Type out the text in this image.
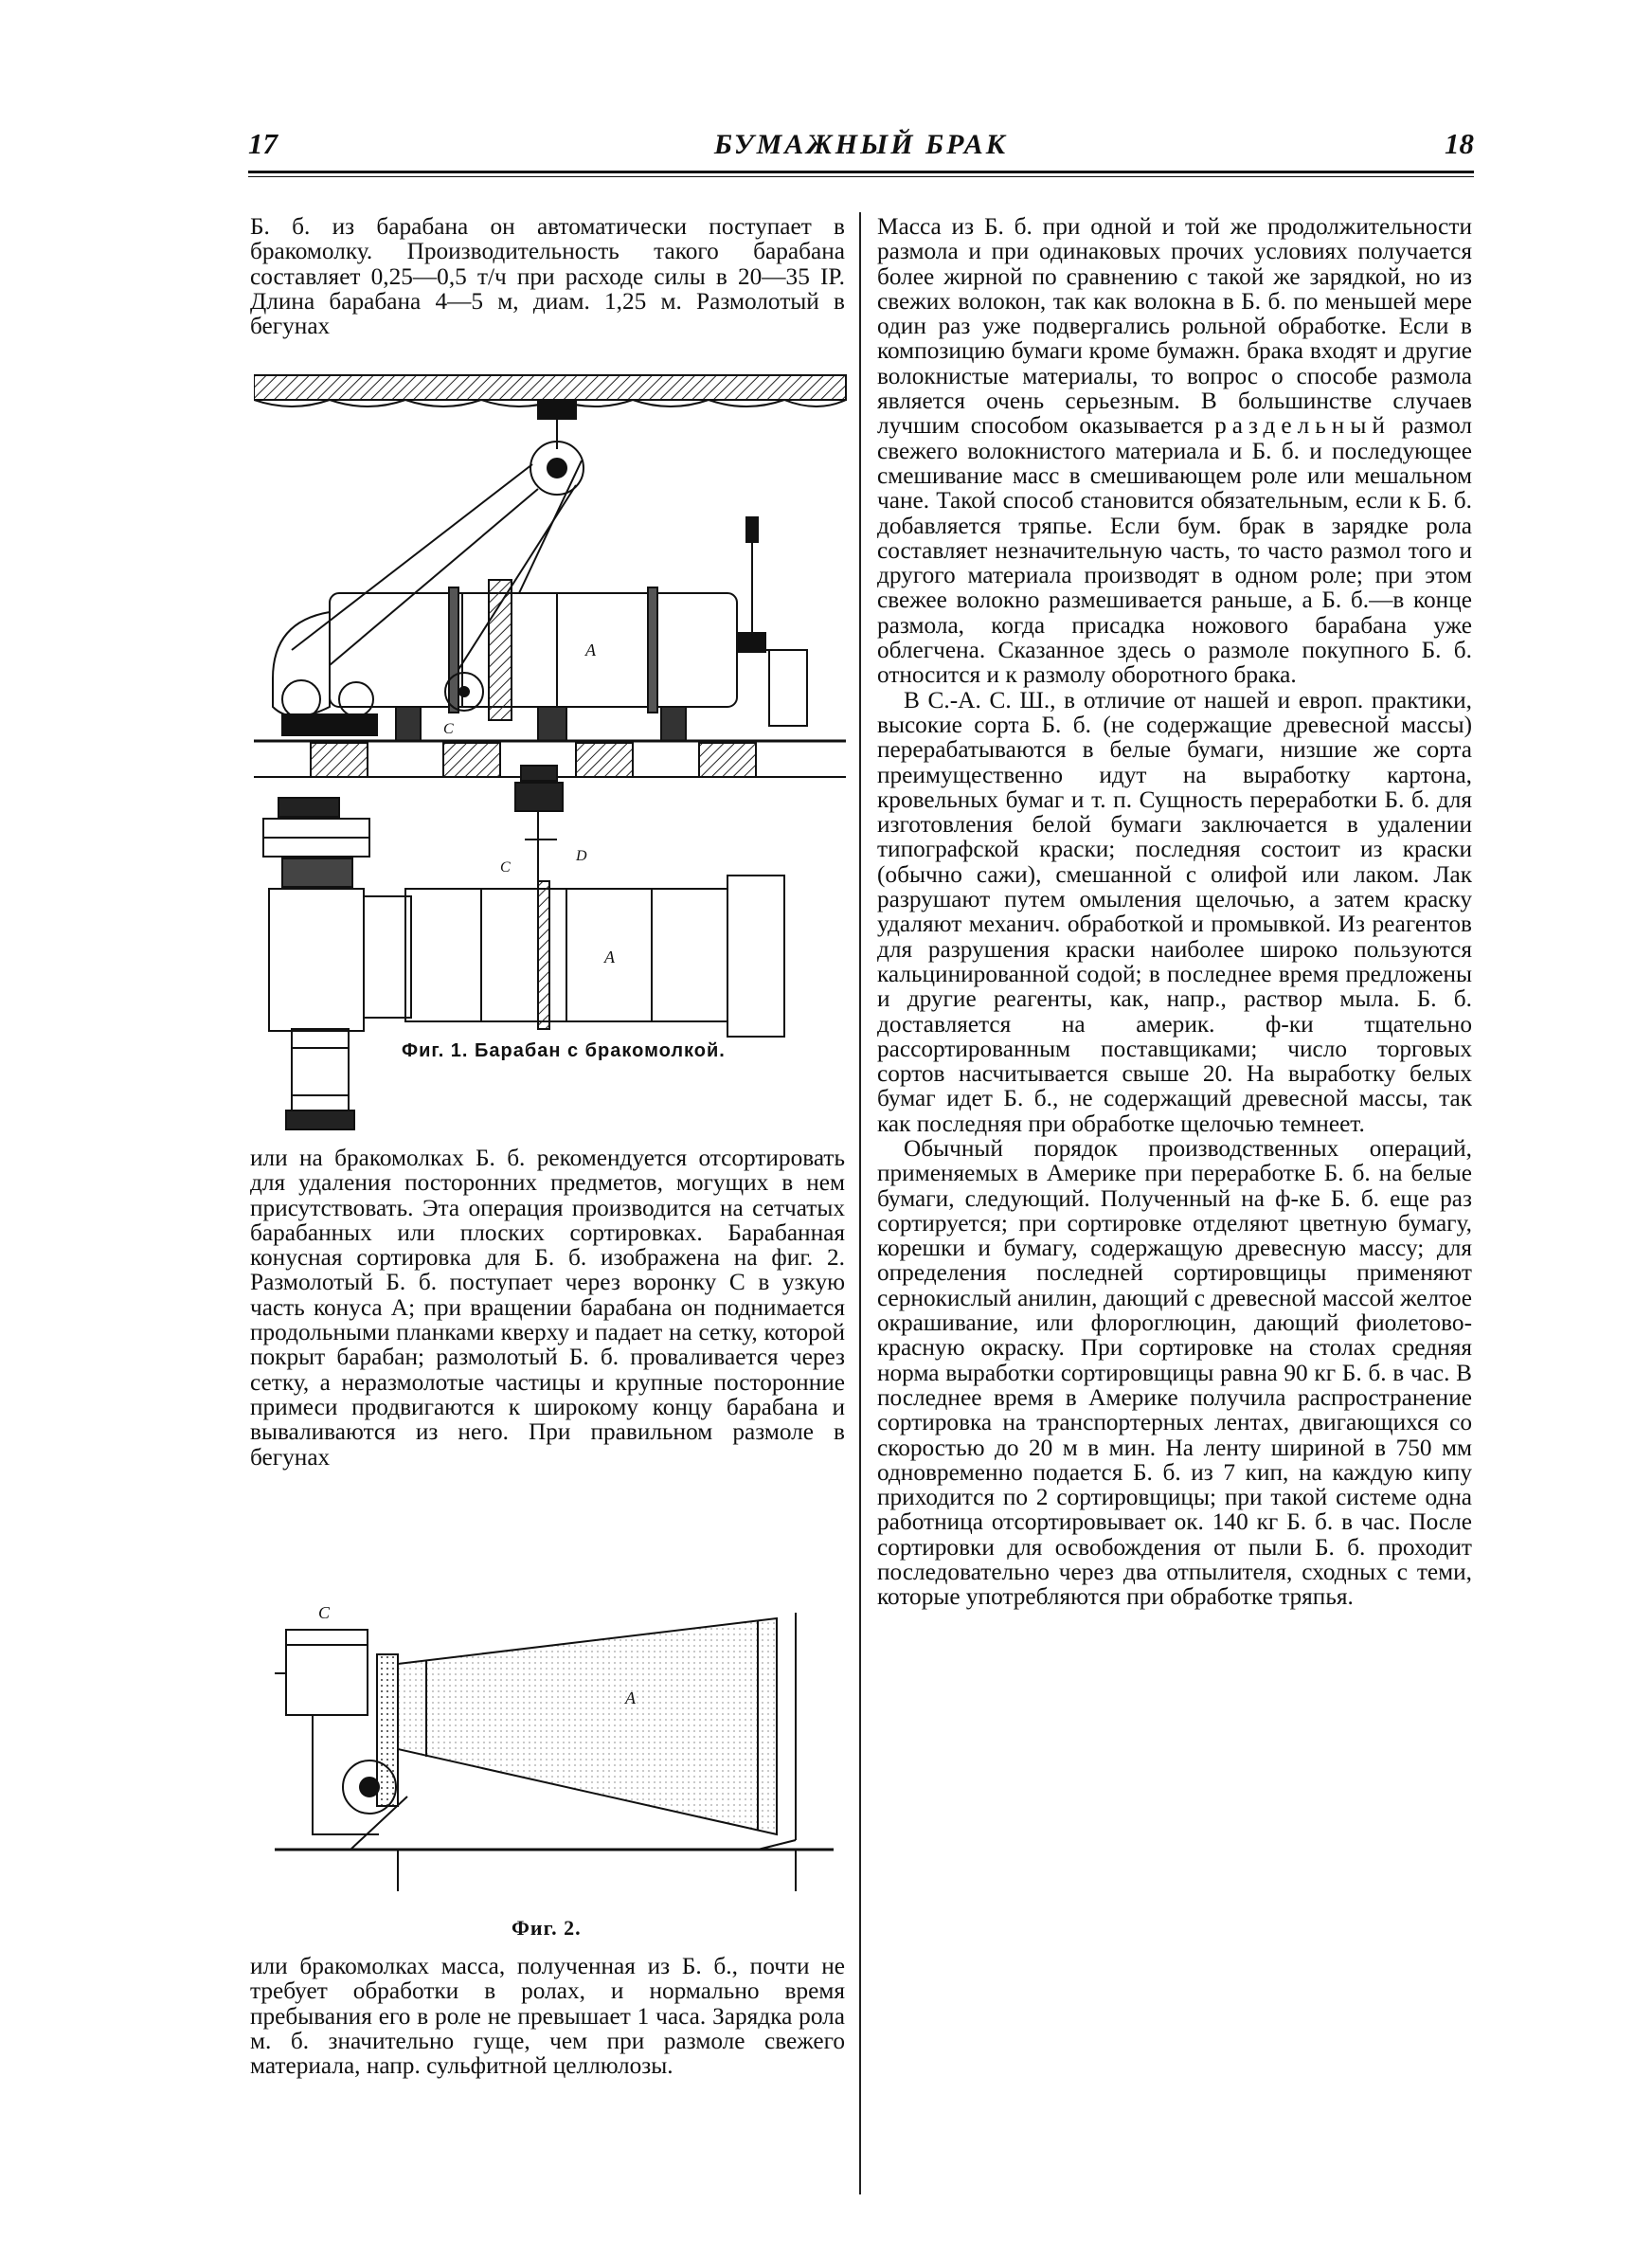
17	БУМАЖНЫЙ БРАК	18

Б. б. из барабана он автоматически поступает в бракомолку. Производительность такого барабана составляет 0,25—0,5 т/ч при расходе силы в 20—35 IP. Длина барабана 4—5 м, диам. 1,25 м. Размолотый в бегунах

A
C
A
C
D
Фиг. 1. Барабан с бракомолкой.

или на бракомолках Б. б. рекомендуется отсортировать для удаления посторонних предметов, могущих в нем присутствовать. Эта операция производится на сетчатых барабанных или плоских сортировках. Барабанная конусная сортировка для Б. б. изображена на фиг. 2. Размолотый Б. б. поступает через воронку C в узкую часть конуса A; при вращении барабана он поднимается продольными планками кверху и падает на сетку, которой покрыт барабан; размолотый Б. б. проваливается через сетку, а неразмолотые частицы и крупные посторонние примеси продвигаются к широкому концу барабана и вываливаются из него. При правильном размоле в бегунах

C
A
Фиг. 2.

или бракомолках масса, полученная из Б. б., почти не требует обработки в ролах, и нормально время пребывания его в роле не превышает 1 часа. Зарядка рола м. б. значительно гуще, чем при размоле свежего материала, напр. сульфитной целлюлозы.

Масса из Б. б. при одной и той же продолжительности размола и при одинаковых прочих условиях получается более жирной по сравнению с такой же зарядкой, но из свежих волокон, так как волокна в Б. б. по меньшей мере один раз уже подвергались рольной обработке. Если в композицию бумаги кроме бумажн. брака входят и другие волокнистые материалы, то вопрос о способе размола является очень серьезным. В большинстве случаев лучшим способом оказывается раздельный размол свежего волокнистого материала и Б. б. и последующее смешивание масс в смешивающем роле или мешальном чане. Такой способ становится обязательным, если к Б. б. добавляется тряпье. Если бум. брак в зарядке рола составляет незначительную часть, то часто размол того и другого материала производят в одном роле; при этом свежее волокно размешивается раньше, а Б. б.—в конце размола, когда присадка ножового барабана уже облегчена. Сказанное здесь о размоле покупного Б. б. относится и к размолу оборотного брака.

В С.-А. С. Ш., в отличие от нашей и европ. практики, высокие сорта Б. б. (не содержащие древесной массы) перерабатываются в белые бумаги, низшие же сорта преимущественно идут на выработку картона, кровельных бумаг и т. п. Сущность переработки Б. б. для изготовления белой бумаги заключается в удалении типографской краски; последняя состоит из краски (обычно сажи), смешанной с олифой или лаком. Лак разрушают путем омыления щелочью, а затем краску удаляют механич. обработкой и промывкой. Из реагентов для разрушения краски наиболее широко пользуются кальцинированной содой; в последнее время предложены и другие реагенты, как, напр., раствор мыла. Б. б. доставляется на америк. ф-ки тщательно рассортированным поставщиками; число торговых сортов насчитывается свыше 20. На выработку белых бумаг идет Б. б., не содержащий древесной массы, так как последняя при обработке щелочью темнеет.

Обычный порядок производственных операций, применяемых в Америке при переработке Б. б. на белые бумаги, следующий. Полученный на ф-ке Б. б. еще раз сортируется; при сортировке отделяют цветную бумагу, корешки и бумагу, содержащую древесную массу; для определения последней сортировщицы применяют сернокислый анилин, дающий с древесной массой желтое окрашивание, или флороглюцин, дающий фиолетово-красную окраску. При сортировке на столах средняя норма выработки сортировщицы равна 90 кг Б. б. в час. В последнее время в Америке получила распространение сортировка на транспортерных лентах, двигающихся со скоростью до 20 м в мин. На ленту шириной в 750 мм одновременно подается Б. б. из 7 кип, на каждую кипу приходится по 2 сортировщицы; при такой системе одна работница отсортировывает ок. 140 кг Б. б. в час. После сортировки для освобождения от пыли Б. б. проходит последовательно через два отпылителя, сходных с теми, которые употребляются при обработке тряпья.
